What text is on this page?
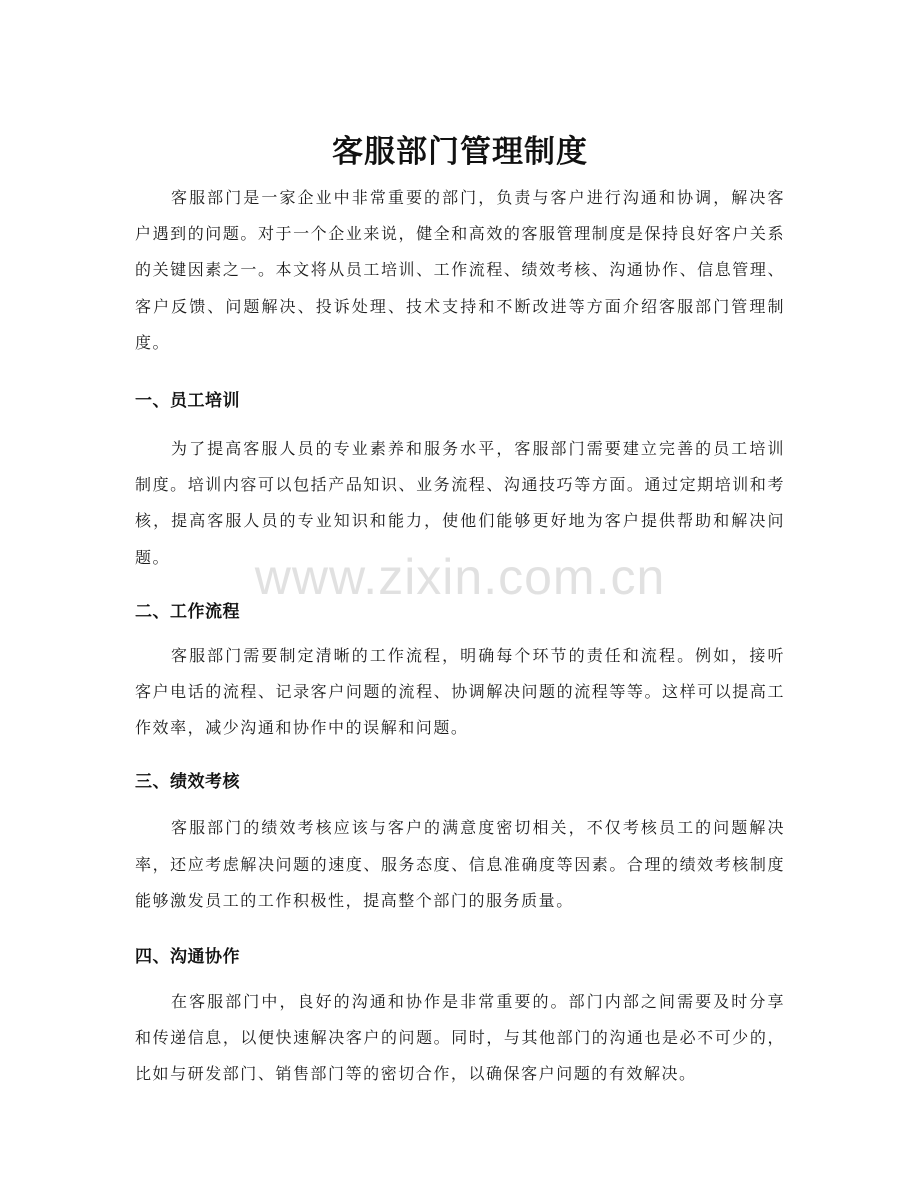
客服部门管理制度

客服部门是一家企业中非常重要的部门，负责与客户进行沟通和协调，解决客户遇到的问题。对于一个企业来说，健全和高效的客服管理制度是保持良好客户关系的关键因素之一。本文将从员工培训、工作流程、绩效考核、沟通协作、信息管理、客户反馈、问题解决、投诉处理、技术支持和不断改进等方面介绍客服部门管理制度。

一、员工培训

为了提高客服人员的专业素养和服务水平，客服部门需要建立完善的员工培训制度。培训内容可以包括产品知识、业务流程、沟通技巧等方面。通过定期培训和考核，提高客服人员的专业知识和能力，使他们能够更好地为客户提供帮助和解决问题。

二、工作流程

客服部门需要制定清晰的工作流程，明确每个环节的责任和流程。例如，接听客户电话的流程、记录客户问题的流程、协调解决问题的流程等等。这样可以提高工作效率，减少沟通和协作中的误解和问题。

三、绩效考核

客服部门的绩效考核应该与客户的满意度密切相关，不仅考核员工的问题解决率，还应考虑解决问题的速度、服务态度、信息准确度等因素。合理的绩效考核制度能够激发员工的工作积极性，提高整个部门的服务质量。

四、沟通协作

在客服部门中，良好的沟通和协作是非常重要的。部门内部之间需要及时分享和传递信息，以便快速解决客户的问题。同时，与其他部门的沟通也是必不可少的，比如与研发部门、销售部门等的密切合作，以确保客户问题的有效解决。

www.zixin.com.cn
